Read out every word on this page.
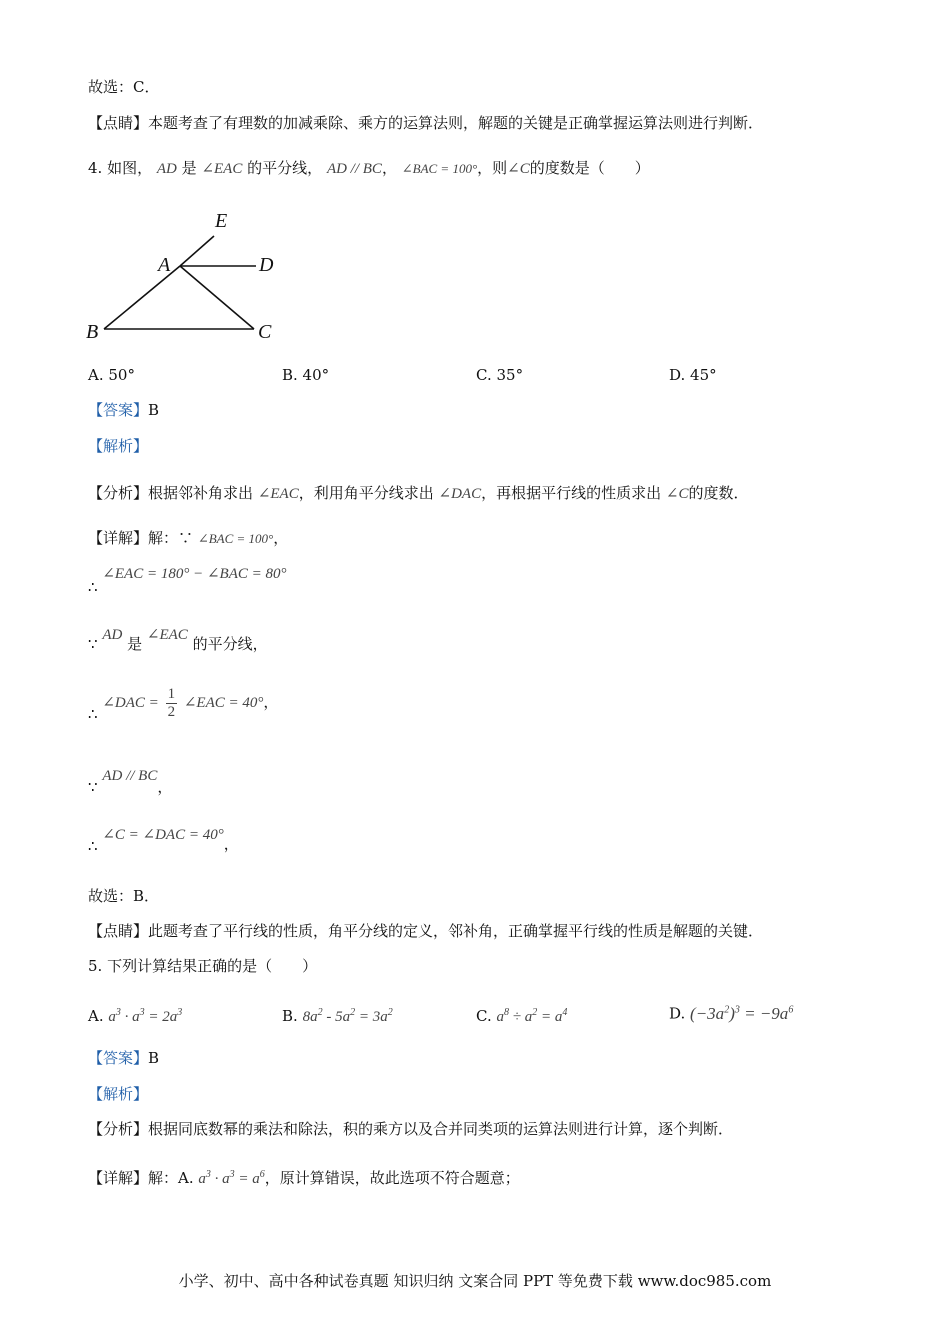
故选：C．
【点睛】本题考查了有理数的加减乘除、乘方的运算法则，解题的关键是正确掌握运算法则进行判断．
4. 如图， AD 是 ∠EAC 的平分线， AD // BC， ∠BAC = 100°，则∠C的度数是（　　）
E
A	D
B	C
A. 50°	B. 40°	C. 35°	D. 45°
【答案】B
【解析】
【分析】根据邻补角求出 ∠EAC，利用角平分线求出 ∠DAC，再根据平行线的性质求出 ∠C的度数．
【详解】解：∵ ∠BAC = 100°，
∴ ∠EAC = 180° − ∠BAC = 80°
∵ AD 是 ∠EAC 的平分线，
∴ ∠DAC = $\frac{1}{2}$ ∠EAC = 40°，
∵ AD // BC，
∴ ∠C = ∠DAC = 40°，
故选：B．
【点睛】此题考查了平行线的性质，角平分线的定义，邻补角，正确掌握平行线的性质是解题的关键．
5. 下列计算结果正确的是（　　）
A. $a^3 \cdot a^3 = 2a^3$	B. $8a^2 - 5a^2 = 3a^2$	C. $a^8 \div a^2 = a^4$	D. $(-3a^2)^3 = -9a^6$
【答案】B
【解析】
【分析】根据同底数幂的乘法和除法，积的乘方以及合并同类项的运算法则进行计算，逐个判断．
【详解】解：A. $a^3 \cdot a^3 = a^6$，原计算错误，故此选项不符合题意；
小学、初中、高中各种试卷真题 知识归纳 文案合同 PPT 等免费下载 www.doc985.com
